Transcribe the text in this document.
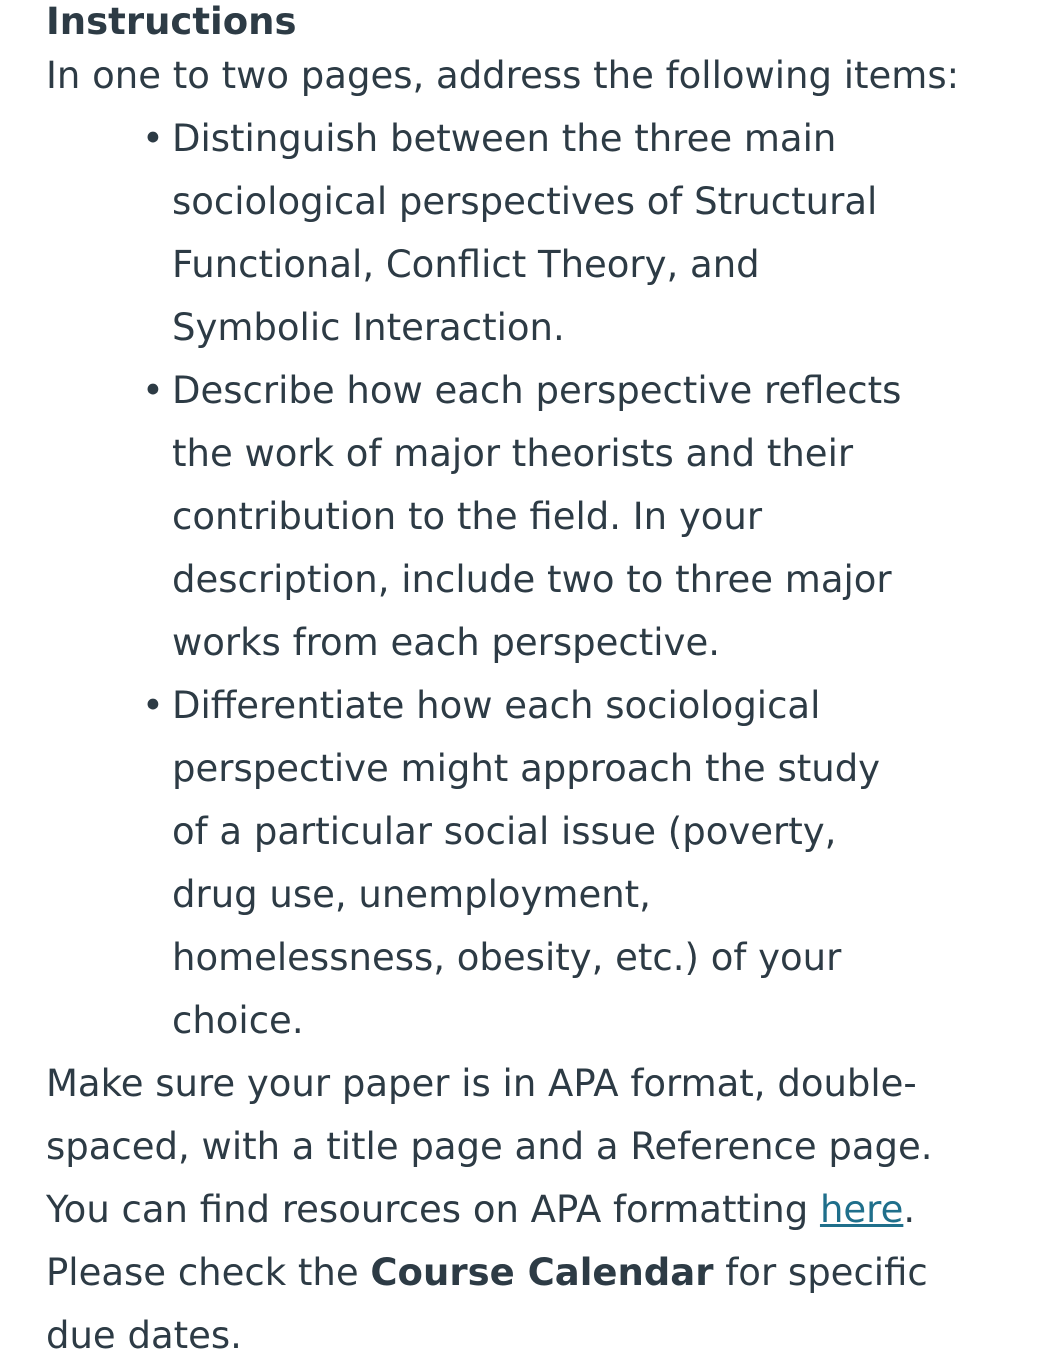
Instructions

In one to two pages, address the following items:

• Distinguish between the three main sociological perspectives of Structural Functional, Conflict Theory, and Symbolic Interaction.
• Describe how each perspective reflects the work of major theorists and their contribution to the field. In your description, include two to three major works from each perspective.
• Differentiate how each sociological perspective might approach the study of a particular social issue (poverty, drug use, unemployment, homelessness, obesity, etc.) of your choice.

Make sure your paper is in APA format, double-spaced, with a title page and a Reference page.

You can find resources on APA formatting here.

Please check the Course Calendar for specific due dates.
